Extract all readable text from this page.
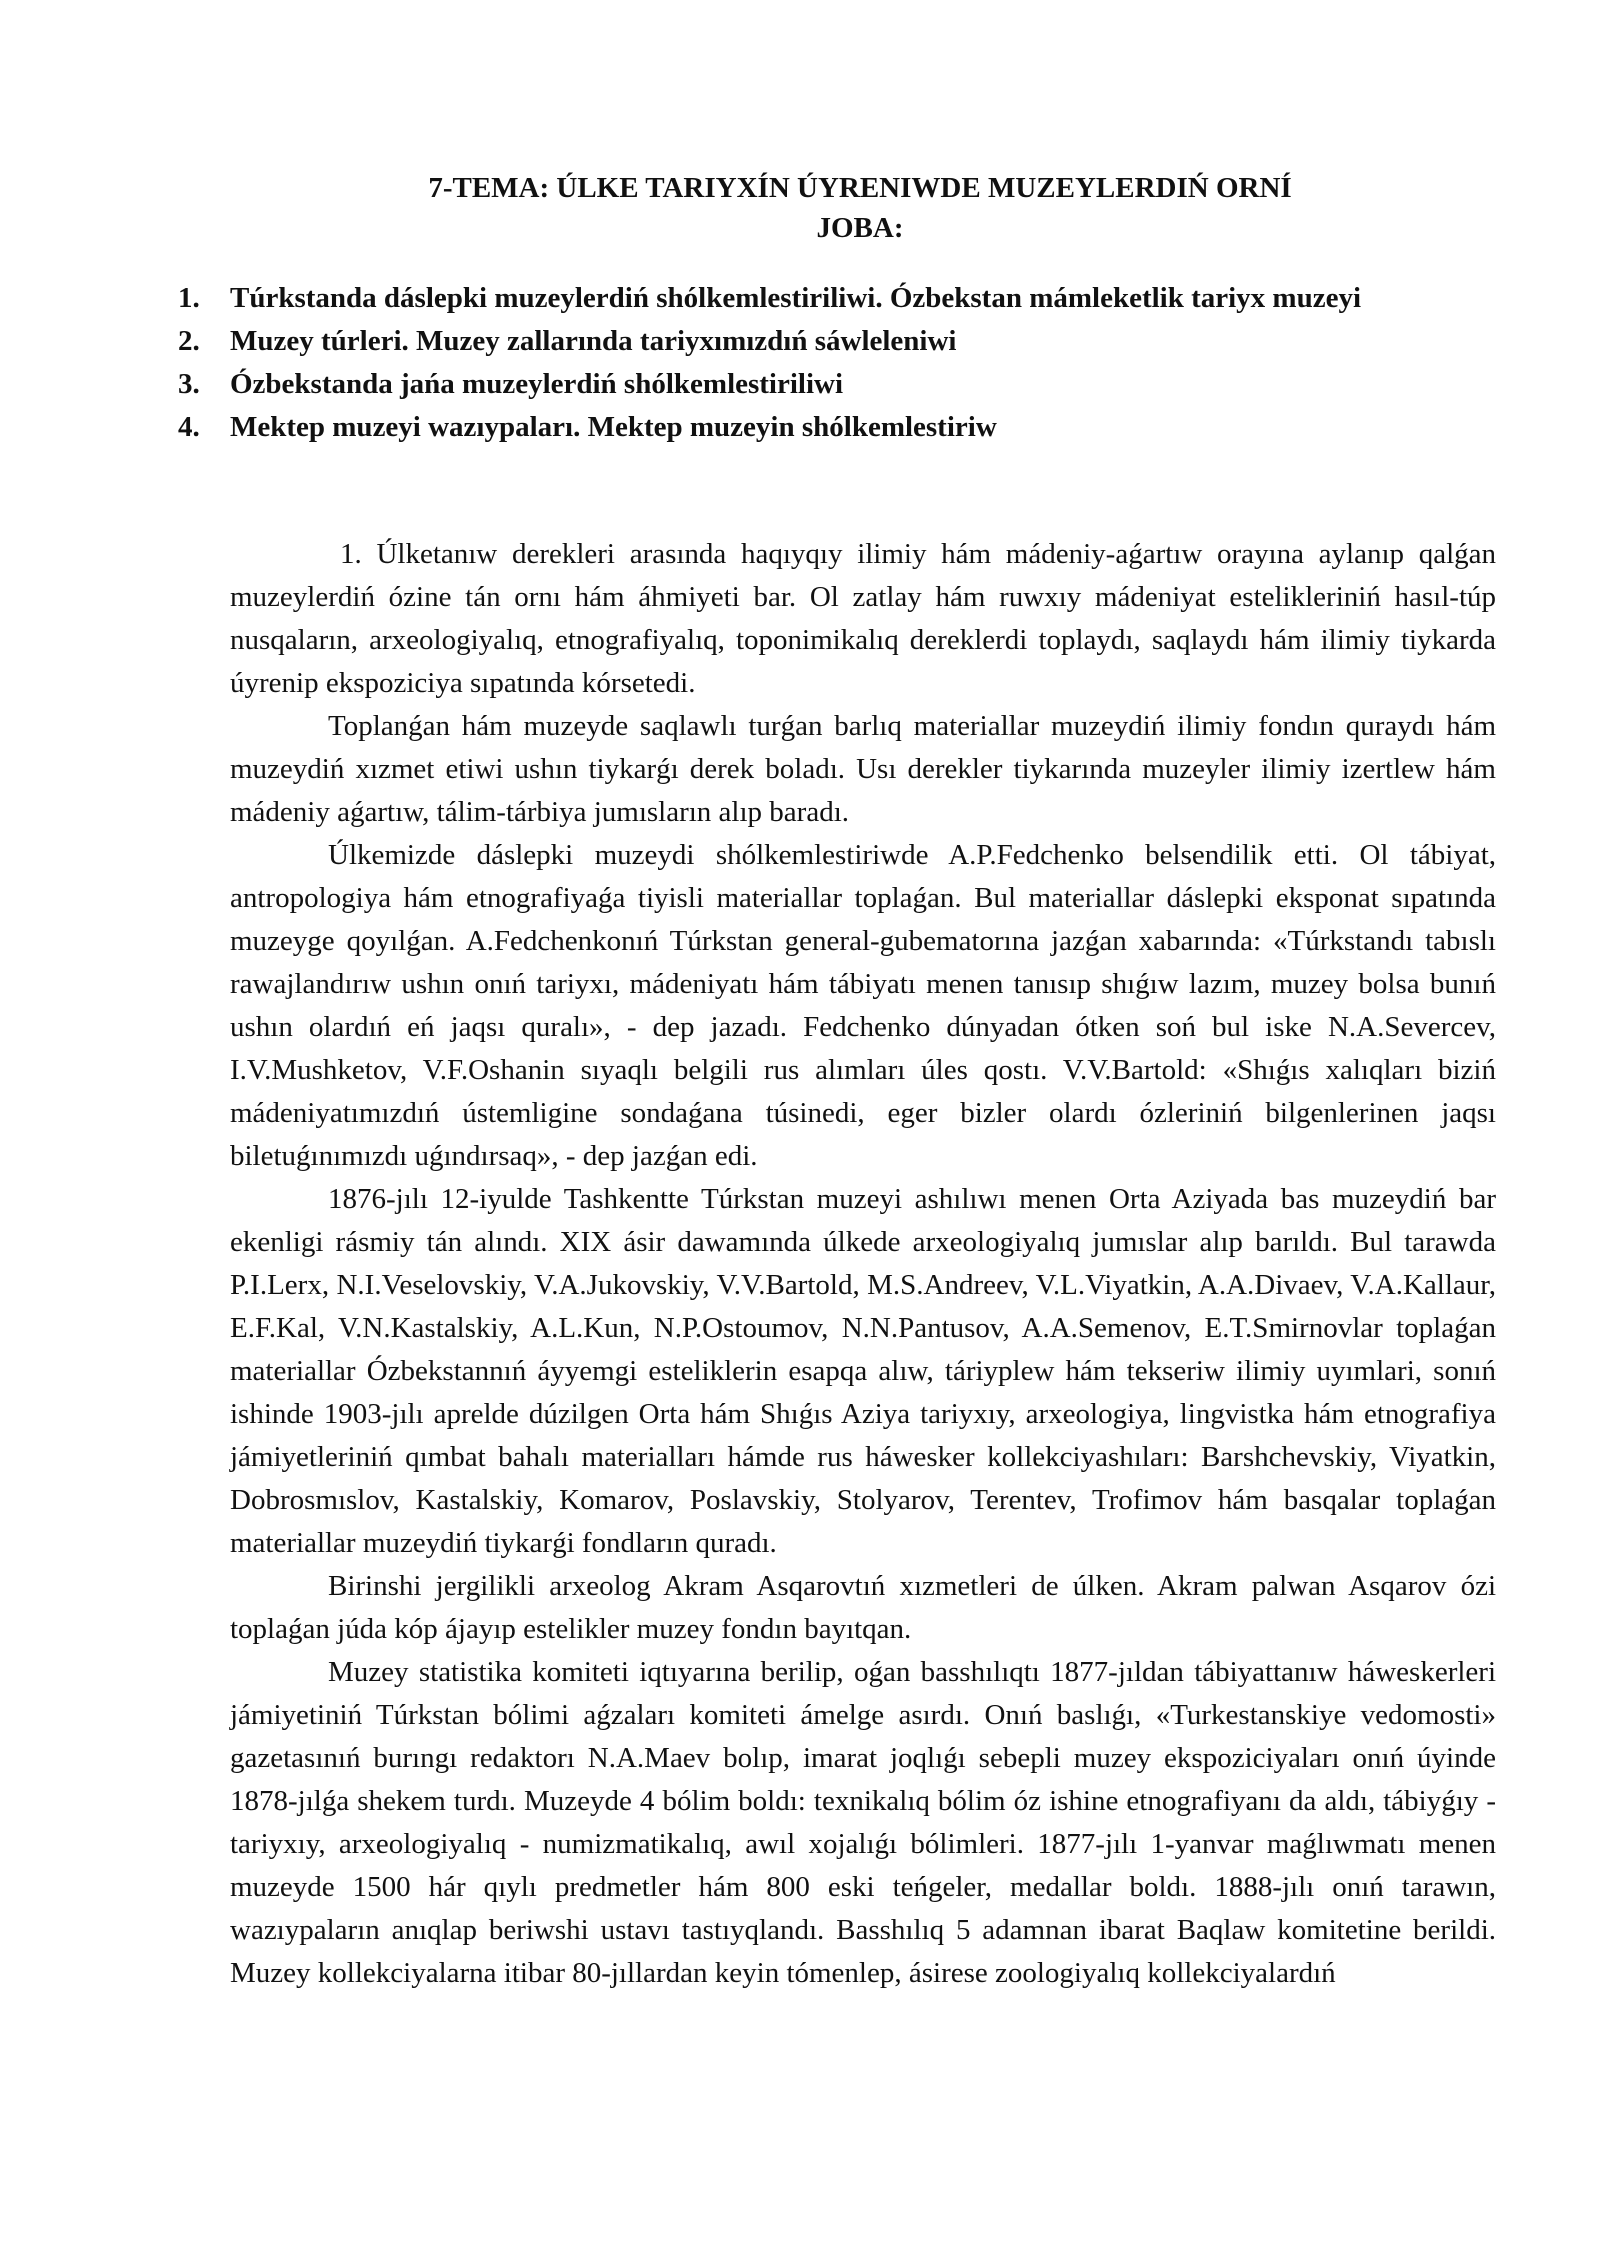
7-TEMA: ÚLKE TARIYXÍN ÚYRENIWDE MUZEYLERDIŃ ORNÍ
JOBA:
1.	Túrkstanda dáslepki muzeylerdiń shólkemlestiriliwi. Ózbekstan mámleketlik tariyx muzeyi
2.	Muzey túrleri. Muzey zallarında tariyxımızdıń sáwleleniwi
3.	Ózbekstanda jańa muzeylerdiń shólkemlestiriliwi
4.	Mektep muzeyi wazıypaları. Mektep muzeyin shólkemlestiriw

1. Úlketanıw derekleri arasında haqıyqıy ilimiy hám mádeniy-aǵartıw orayına aylanıp qalǵan muzeylerdiń ózine tán ornı hám áhmiyeti bar. Ol zatlay hám ruwxıy mádeniyat estelikleriniń hasıl-túp nusqaların, arxeologiyalıq, etnografiyalıq, toponimikalıq dereklerdi toplaydı, saqlaydı hám ilimiy tiykarda úyrenip ekspoziciya sıpatında kórsetedi.

Toplanǵan hám muzeyde saqlawlı turǵan barlıq materiallar muzeydiń ilimiy fondın quraydı hám muzeydiń xızmet etiwi ushın tiykarǵı derek boladı. Usı derekler tiykarında muzeyler ilimiy izertlew hám mádeniy aǵartıw, tálim-tárbiya jumısların alıp baradı.

Úlkemizde dáslepki muzeydi shólkemlestiriwde A.P.Fedchenko belsendilik etti. Ol tábiyat, antropologiya hám etnografiyaǵa tiyisli materiallar toplaǵan. Bul materiallar dáslepki eksponat sıpatında muzeyge qoyılǵan. A.Fedchenkonıń Túrkstan general-gubematorına jazǵan xabarında: «Túrkstandı tabıslı rawajlandırıw ushın onıń tariyxı, mádeniyatı hám tábiyatı menen tanısıp shıǵıw lazım, muzey bolsa bunıń ushın olardıń eń jaqsı quralı», - dep jazadı. Fedchenko dúnyadan ótken soń bul iske N.A.Severcev, I.V.Mushketov, V.F.Oshanin sıyaqlı belgili rus alımları úles qostı. V.V.Bartold: «Shıǵıs xalıqları biziń mádeniyatımızdıń ústemligine sondaǵana túsinedi, eger bizler olardı ózleriniń bilgenlerinen jaqsı biletuǵınımızdı uǵındırsaq», - dep jazǵan edi.

1876-jılı 12-iyulde Tashkentte Túrkstan muzeyi ashılıwı menen Orta Aziyada bas muzeydiń bar ekenligi rásmiy tán alındı. XIX ásir dawamında úlkede arxeologiyalıq jumıslar alıp barıldı. Bul tarawda P.I.Lerx, N.I.Veselovskiy, V.A.Jukovskiy, V.V.Bartold, M.S.Andreev, V.L.Viyatkin, A.A.Divaev, V.A.Kallaur, E.F.Kal, V.N.Kastalskiy, A.L.Kun, N.P.Ostoumov, N.N.Pantusov, A.A.Semenov, E.T.Smirnovlar toplaǵan materiallar Ózbekstannıń áyyemgi esteliklerin esapqa alıw, táriyplew hám tekseriw ilimiy uyımlari, sonıń ishinde 1903-jılı aprelde dúzilgen Orta hám Shıǵıs Aziya tariyxıy, arxeologiya, lingvistka hám etnografiya jámiyetleriniń qımbat bahalı materialları hámde rus háwesker kollekciyashıları: Barshchevskiy, Viyatkin, Dobrosmıslov, Kastalskiy, Komarov, Poslavskiy, Stolyarov, Terentev, Trofimov hám basqalar toplaǵan materiallar muzeydiń tiykarǵi fondların quradı.

Birinshi jergilikli arxeolog Akram Asqarovtıń xızmetleri de úlken. Akram palwan Asqarov ózi toplaǵan júda kóp ájayıp estelikler muzey fondın bayıtqan.

Muzey statistika komiteti iqtıyarına berilip, oǵan basshılıqtı 1877-jıldan tábiyattanıw háweskerleri jámiyetiniń Túrkstan bólimi aǵzaları komiteti ámelge asırdı. Onıń baslıǵı, «Turkestanskiye vedomosti» gazetasınıń burıngı redaktorı N.A.Maev bolıp, imarat joqlıǵı sebepli muzey ekspoziciyaları onıń úyinde 1878-jılǵa shekem turdı. Muzeyde 4 bólim boldı: texnikalıq bólim óz ishine etnografiyanı da aldı, tábiyǵıy - tariyxıy, arxeologiyalıq - numizmatikalıq, awıl xojalıǵı bólimleri. 1877-jılı 1-yanvar maǵlıwmatı menen muzeyde 1500 hár qıylı predmetler hám 800 eski teńgeler, medallar boldı. 1888-jılı onıń tarawın, wazıypaların anıqlap beriwshi ustavı tastıyqlandı. Basshılıq 5 adamnan ibarat Baqlaw komitetine berildi. Muzey kollekciyalarna itibar 80-jıllardan keyin tómenlep, ásirese zoologiyalıq kollekciyalardıń
